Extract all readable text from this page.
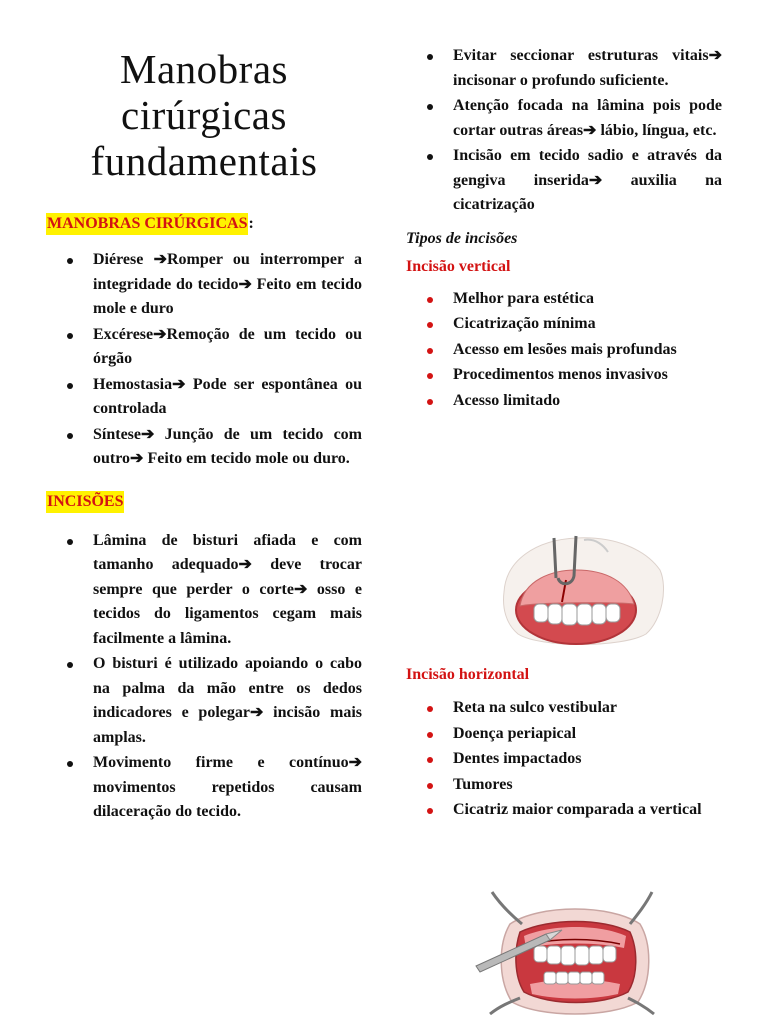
Manobras cirúrgicas fundamentais
MANOBRAS CIRÚRGICAS:
Diérese ➔Romper ou interromper a integridade do tecido➔ Feito em tecido mole e duro
Excérese➔Remoção de um tecido ou órgão
Hemostasia➔ Pode ser espontânea ou controlada
Síntese➔ Junção de um tecido com outro➔ Feito em tecido mole ou duro.
INCISÕES
Lâmina de bisturi afiada e com tamanho adequado➔ deve trocar sempre que perder o corte➔ osso e tecidos do ligamentos cegam mais facilmente a lâmina.
O bisturi é utilizado apoiando o cabo na palma da mão entre os dedos indicadores e polegar➔ incisão mais amplas.
Movimento firme e contínuo➔ movimentos repetidos causam dilaceração do tecido.
Evitar seccionar estruturas vitais➔ incisonar o profundo suficiente.
Atenção focada na lâmina pois pode cortar outras áreas➔ lábio, língua, etc.
Incisão em tecido sadio e através da gengiva inserida➔ auxilia na cicatrização
Tipos de incisões
Incisão vertical
Melhor para estética
Cicatrização mínima
Acesso em lesões mais profundas
Procedimentos menos invasivos
Acesso limitado
Incisão horizontal
Reta na sulco vestibular
Doença periapical
Dentes impactados
Tumores
Cicatriz maior comparada a vertical
